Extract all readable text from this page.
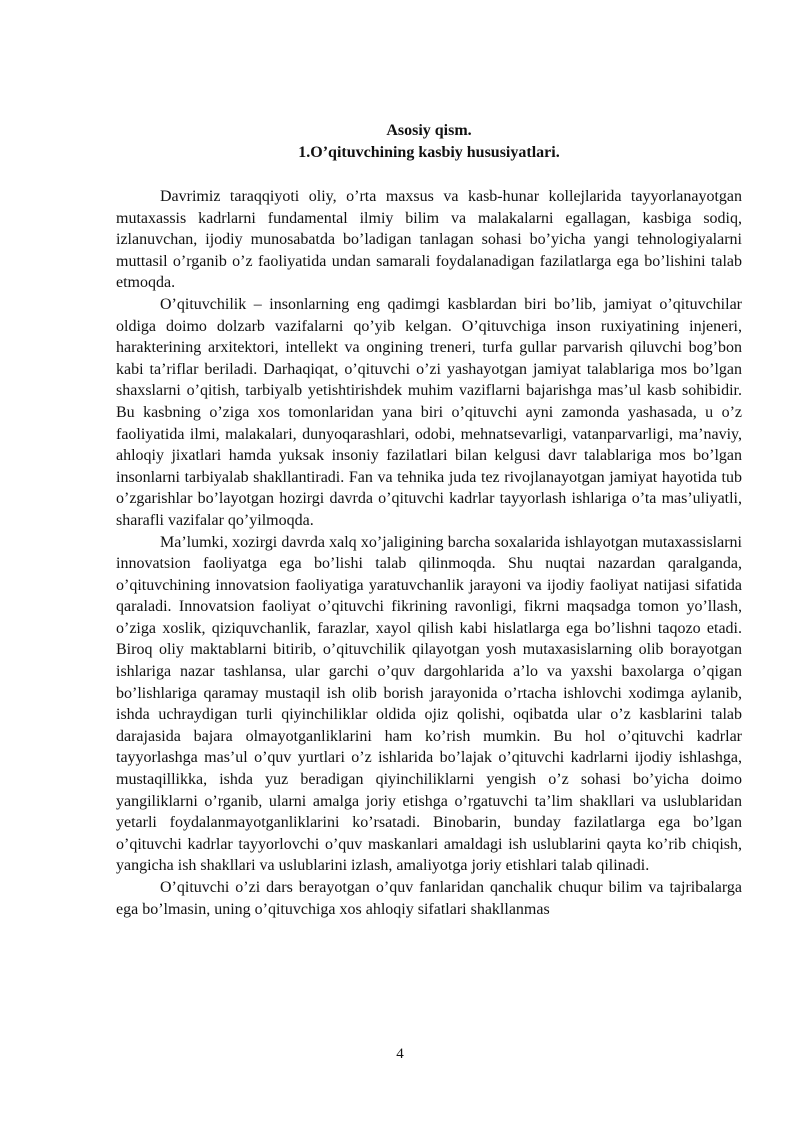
Asosiy qism.

1.O’qituvchining kasbiy hususiyatlari.

Davrimiz taraqqiyoti oliy, o’rta maxsus va kasb-hunar kollejlarida tayyorlanayotgan mutaxassis kadrlarni fundamental ilmiy bilim va malakalarni egallagan, kasbiga sodiq, izlanuvchan, ijodiy munosabatda bo’ladigan tanlagan sohasi bo’yicha yangi tehnologiyalarni muttasil o’rganib o’z faoliyatida undan samarali foydalanadigan fazilatlarga ega bo’lishini talab etmoqda.

O’qituvchilik – insonlarning eng qadimgi kasblardan biri bo’lib, jamiyat o’qituvchilar oldiga doimo dolzarb vazifalarni qo’yib kelgan. O’qituvchiga inson ruxiyatining injeneri, harakterining arxitektori, intellekt va ongining treneri, turfa gullar parvarish qiluvchi bog’bon kabi ta’riflar beriladi. Darhaqiqat, o’qituvchi o’zi yashayotgan jamiyat talablariga mos bo’lgan shaxslarni o’qitish, tarbiyalb yetishtirishdek muhim vaziflarni bajarishga mas’ul kasb sohibidir. Bu kasbning o’ziga xos tomonlaridan yana biri o’qituvchi ayni zamonda yashasada, u o’z faoliyatida ilmi, malakalari, dunyoqarashlari, odobi, mehnatsevarligi, vatanparvarligi, ma’naviy, ahloqiy jixatlari hamda yuksak insoniy fazilatlari bilan kelgusi davr talablariga mos bo’lgan insonlarni tarbiyalab shakllantiradi. Fan va tehnika juda tez rivojlanayotgan jamiyat hayotida tub o’zgarishlar bo’layotgan hozirgi davrda o’qituvchi kadrlar tayyorlash ishlariga o’ta mas’uliyatli, sharafli vazifalar qo’yilmoqda.

Ma’lumki, xozirgi davrda xalq xo’jaligining barcha soxalarida ishlayotgan mutaxassislarni innovatsion faoliyatga ega bo’lishi talab qilinmoqda. Shu nuqtai nazardan qaralganda, o’qituvchining innovatsion faoliyatiga yaratuvchanlik jarayoni va ijodiy faoliyat natijasi sifatida qaraladi. Innovatsion faoliyat o’qituvchi fikrining ravonligi, fikrni maqsadga tomon yo’llash, o’ziga xoslik, qiziquvchanlik, farazlar, xayol qilish kabi hislatlarga ega bo’lishni taqozo etadi. Biroq oliy maktablarni bitirib, o’qituvchilik qilayotgan yosh mutaxasislarning olib borayotgan ishlariga nazar tashlansa, ular garchi o’quv dargohlarida a’lo va yaxshi baxolarga o’qigan bo’lishlariga qaramay mustaqil ish olib borish jarayonida o’rtacha ishlovchi xodimga aylanib, ishda uchraydigan turli qiyinchiliklar oldida ojiz qolishi, oqibatda ular o’z kasblarini talab darajasida bajara olmayotganliklarini ham ko’rish mumkin. Bu hol o’qituvchi kadrlar tayyorlashga mas’ul o’quv yurtlari o’z ishlarida bo’lajak o’qituvchi kadrlarni ijodiy ishlashga, mustaqillikka, ishda yuz beradigan qiyinchiliklarni yengish o’z sohasi bo’yicha doimo yangiliklarni o’rganib, ularni amalga joriy etishga o’rgatuvchi ta’lim shakllari va uslublaridan yetarli foydalanmayotganliklarini ko’rsatadi. Binobarin, bunday fazilatlarga ega bo’lgan o’qituvchi kadrlar tayyorlovchi o’quv maskanlari amaldagi ish uslublarini qayta ko’rib chiqish, yangicha ish shakllari va uslublarini izlash, amaliyotga joriy etishlari talab qilinadi.

O’qituvchi o’zi dars berayotgan o’quv fanlaridan qanchalik chuqur bilim va tajribalarga ega bo’lmasin, uning o’qituvchiga xos ahloqiy sifatlari shakllanmas

4
